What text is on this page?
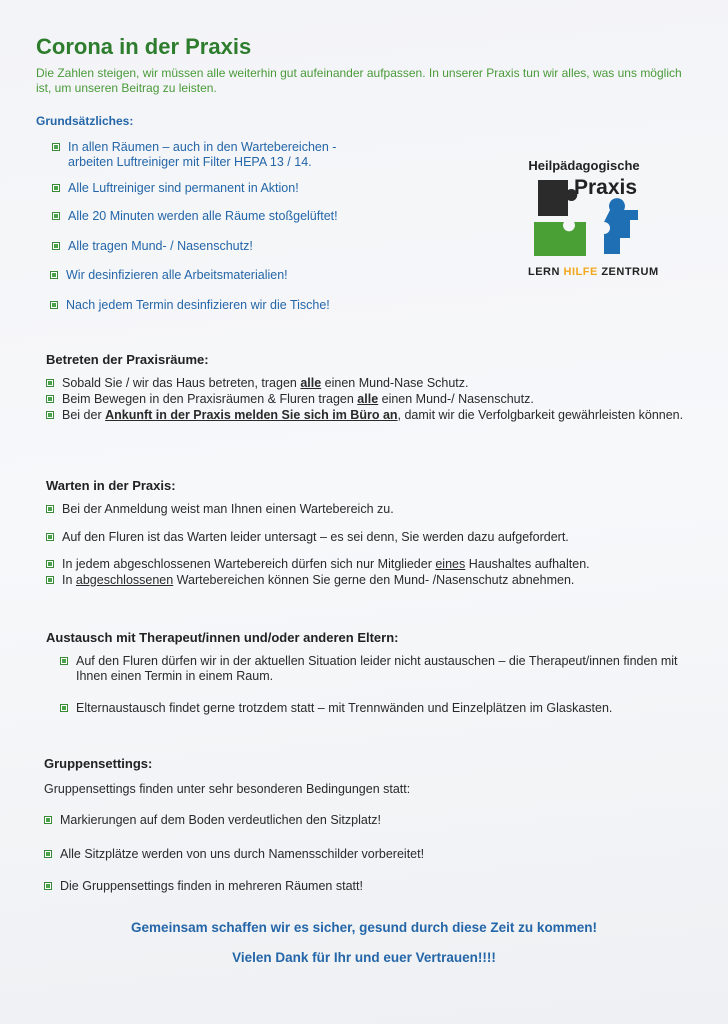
Corona in der Praxis
Die Zahlen steigen, wir müssen alle weiterhin gut aufeinander aufpassen. In unserer Praxis tun wir alles, was uns möglich ist, um unseren Beitrag zu leisten.
Heilpädagogische
Praxis
LERN HILFE ZENTRUM
Grundsätzliches:
In allen Räumen – auch in den Wartebereichen - arbeiten Luftreiniger mit Filter HEPA 13 / 14.
Alle Luftreiniger sind permanent in Aktion!
Alle 20 Minuten werden alle Räume stoßgelüftet!
Alle tragen Mund- / Nasenschutz!
Wir desinfizieren alle Arbeitsmaterialien!
Nach jedem Termin desinfizieren wir die Tische!
Betreten der Praxisräume:
Sobald Sie / wir das Haus betreten, tragen alle einen Mund-Nase Schutz.
Beim Bewegen in den Praxisräumen & Fluren tragen alle einen Mund-/ Nasenschutz.
Bei der Ankunft in der Praxis melden Sie sich im Büro an, damit wir die Verfolgbarkeit gewährleisten können.
Warten in der Praxis:
Bei der Anmeldung weist man Ihnen einen Wartebereich zu.
Auf den Fluren ist das Warten leider untersagt – es sei denn, Sie werden dazu aufgefordert.
In jedem abgeschlossenen Wartebereich dürfen sich nur Mitglieder eines Haushaltes aufhalten.
In abgeschlossenen Wartebereichen können Sie gerne den Mund- /Nasenschutz abnehmen.
Austausch mit Therapeut/innen und/oder anderen Eltern:
Auf den Fluren dürfen wir in der aktuellen Situation leider nicht austauschen – die Therapeut/innen finden mit Ihnen einen Termin in einem Raum.
Elternaustausch findet gerne trotzdem statt – mit Trennwänden und Einzelplätzen im Glaskasten.
Gruppensettings:
Gruppensettings finden unter sehr besonderen Bedingungen statt:
Markierungen auf dem Boden verdeutlichen den Sitzplatz!
Alle Sitzplätze werden von uns durch Namensschilder vorbereitet!
Die Gruppensettings finden in mehreren Räumen statt!
Gemeinsam schaffen wir es sicher, gesund durch diese Zeit zu kommen!
Vielen Dank für Ihr und euer Vertrauen!!!!
